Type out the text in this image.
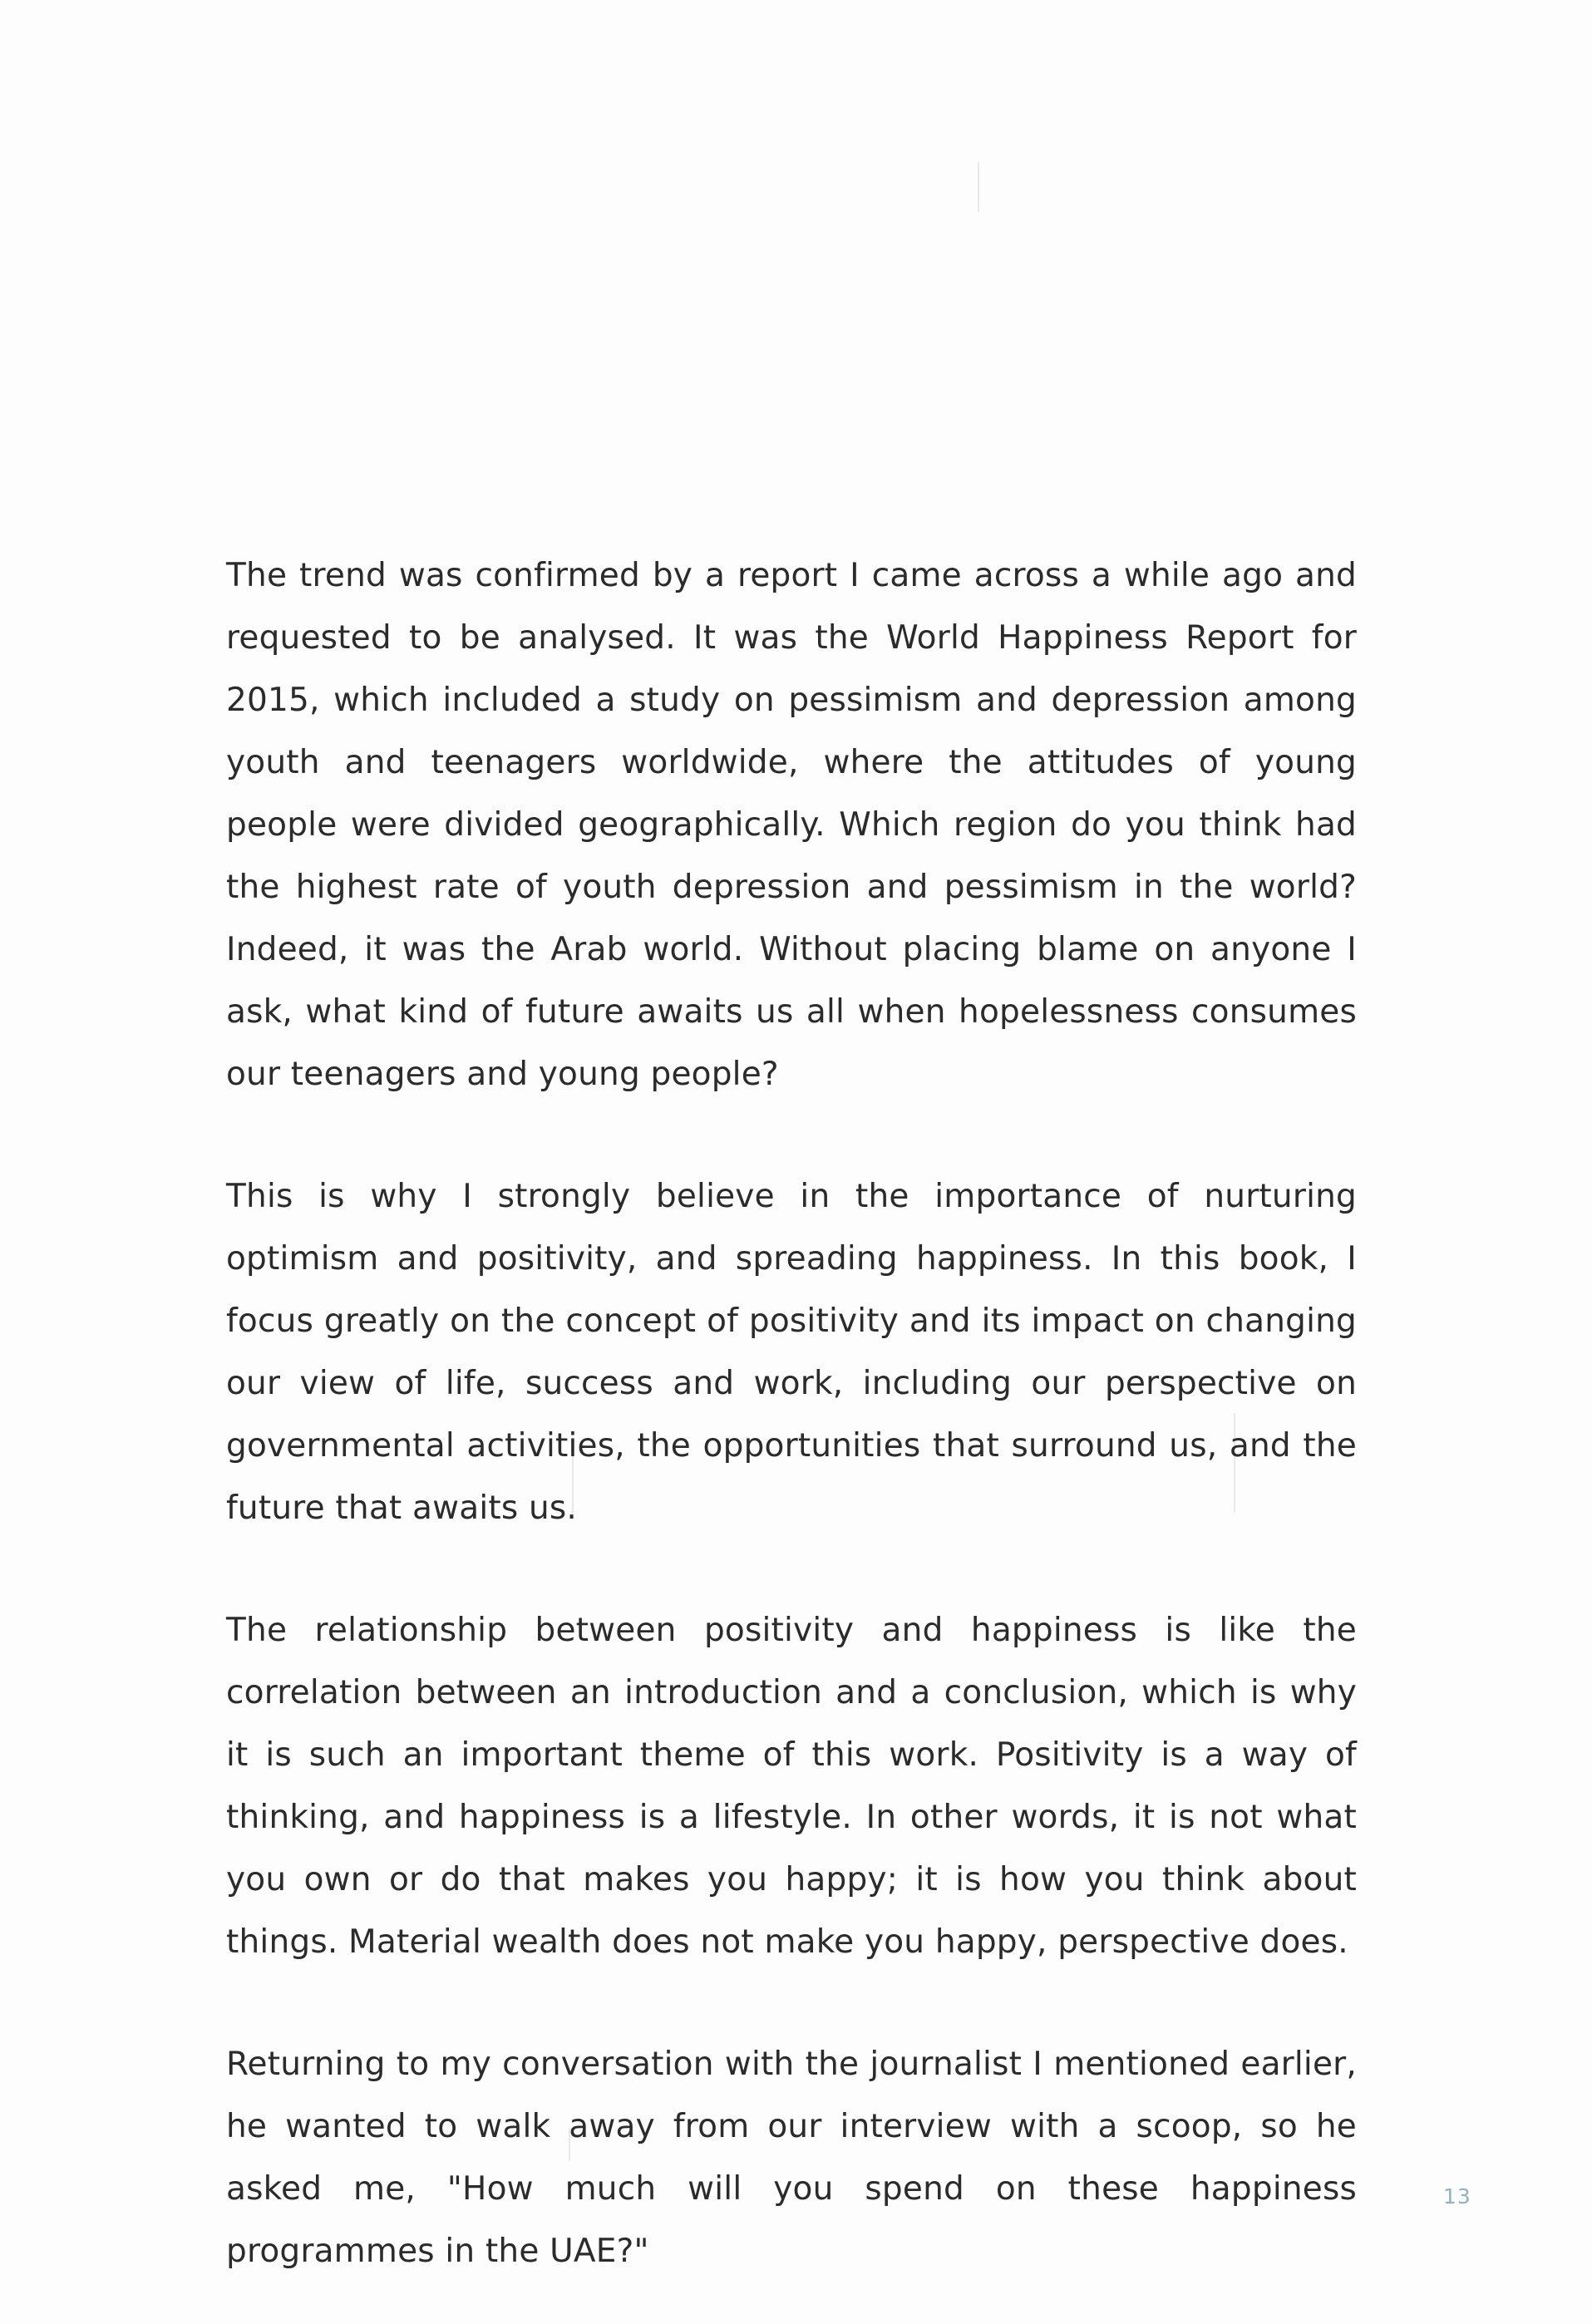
The trend was confirmed by a report I came across a while ago and requested to be analysed. It was the World Happiness Report for 2015, which included a study on pessimism and depression among youth and teenagers worldwide, where the attitudes of young people were divided geographically. Which region do you think had the highest rate of youth depression and pessimism in the world? Indeed, it was the Arab world. Without placing blame on anyone I ask, what kind of future awaits us all when hopelessness consumes our teenagers and young people?

This is why I strongly believe in the importance of nurturing optimism and positivity, and spreading happiness. In this book, I focus greatly on the concept of positivity and its impact on changing our view of life, success and work, including our perspective on governmental activities, the opportunities that surround us, and the future that awaits us.

The relationship between positivity and happiness is like the correlation between an introduction and a conclusion, which is why it is such an important theme of this work. Positivity is a way of thinking, and happiness is a lifestyle. In other words, it is not what you own or do that makes you happy; it is how you think about things. Material wealth does not make you happy, perspective does.

Returning to my conversation with the journalist I mentioned earlier, he wanted to walk away from our interview with a scoop, so he asked me, "How much will you spend on these happiness programmes in the UAE?"

13
